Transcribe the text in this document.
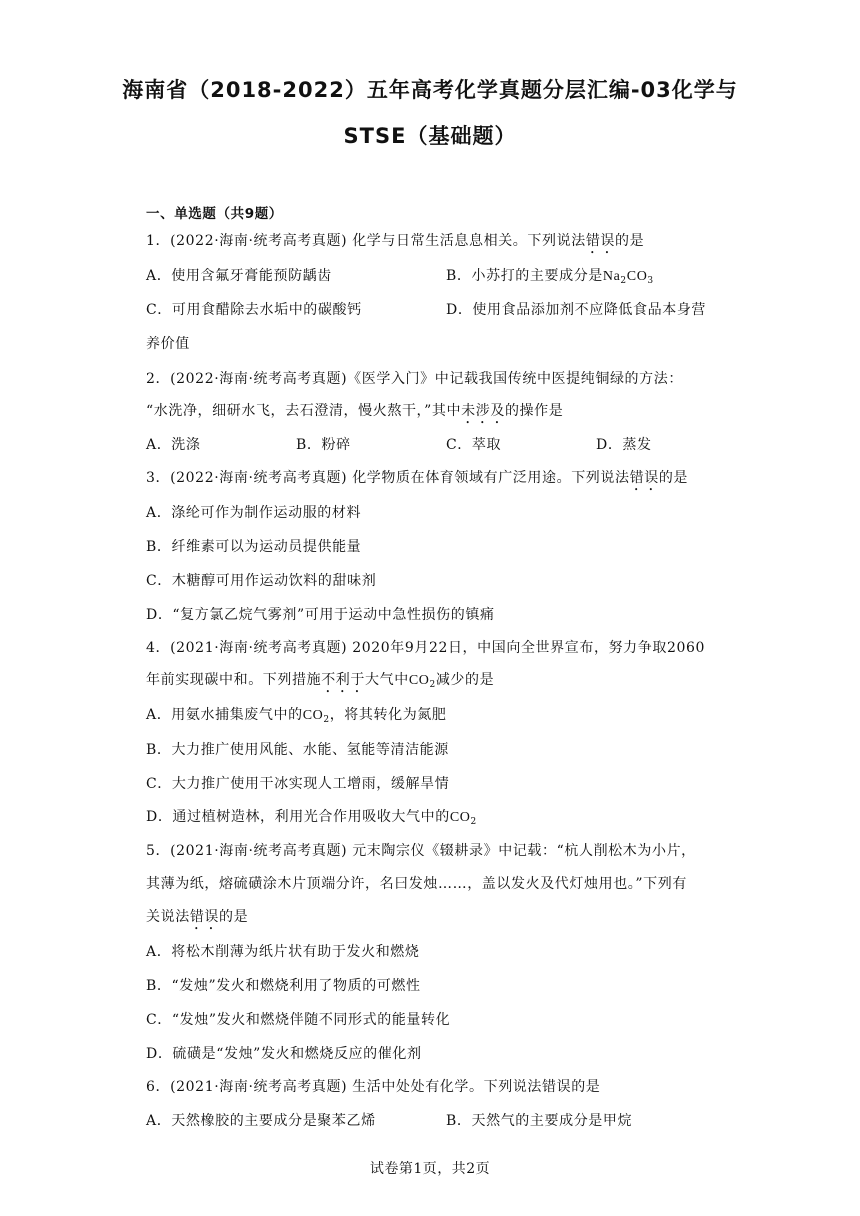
海南省（2018-2022）五年高考化学真题分层汇编-03化学与
STSE（基础题）
一、单选题（共9题）
1．(2022·海南·统考高考真题) 化学与日常生活息息相关。下列说法错误的是
A．使用含氟牙膏能预防龋齿	B．小苏打的主要成分是$Na_2CO_3$
C．可用食醋除去水垢中的碳酸钙	D．使用食品添加剂不应降低食品本身营
养价值
2．(2022·海南·统考高考真题)《医学入门》中记载我国传统中医提纯铜绿的方法：
“水洗净，细研水飞，去石澄清，慢火熬干，”其中未涉及的操作是
A．洗涤	B．粉碎	C．萃取	D．蒸发
3．(2022·海南·统考高考真题) 化学物质在体育领域有广泛用途。下列说法错误的是
A．涤纶可作为制作运动服的材料
B．纤维素可以为运动员提供能量
C．木糖醇可用作运动饮料的甜味剂
D．“复方氯乙烷气雾剂”可用于运动中急性损伤的镇痛
4．(2021·海南·统考高考真题) 2020年9月22日，中国向全世界宣布，努力争取2060
年前实现碳中和。下列措施不利于大气中$CO_2$减少的是
A．用氨水捕集废气中的$CO_2$，将其转化为氮肥
B．大力推广使用风能、水能、氢能等清洁能源
C．大力推广使用干冰实现人工增雨，缓解旱情
D．通过植树造林，利用光合作用吸收大气中的$CO_2$
5．(2021·海南·统考高考真题) 元末陶宗仪《辍耕录》中记载：“杭人削松木为小片，
其薄为纸，熔硫磺涂木片顶端分许，名曰发烛……，盖以发火及代灯烛用也。”下列有
关说法错误的是
A．将松木削薄为纸片状有助于发火和燃烧
B．“发烛”发火和燃烧利用了物质的可燃性
C．“发烛”发火和燃烧伴随不同形式的能量转化
D．硫磺是“发烛”发火和燃烧反应的催化剂
6．(2021·海南·统考高考真题) 生活中处处有化学。下列说法错误的是
A．天然橡胶的主要成分是聚苯乙烯	B．天然气的主要成分是甲烷
试卷第1页，共2页
